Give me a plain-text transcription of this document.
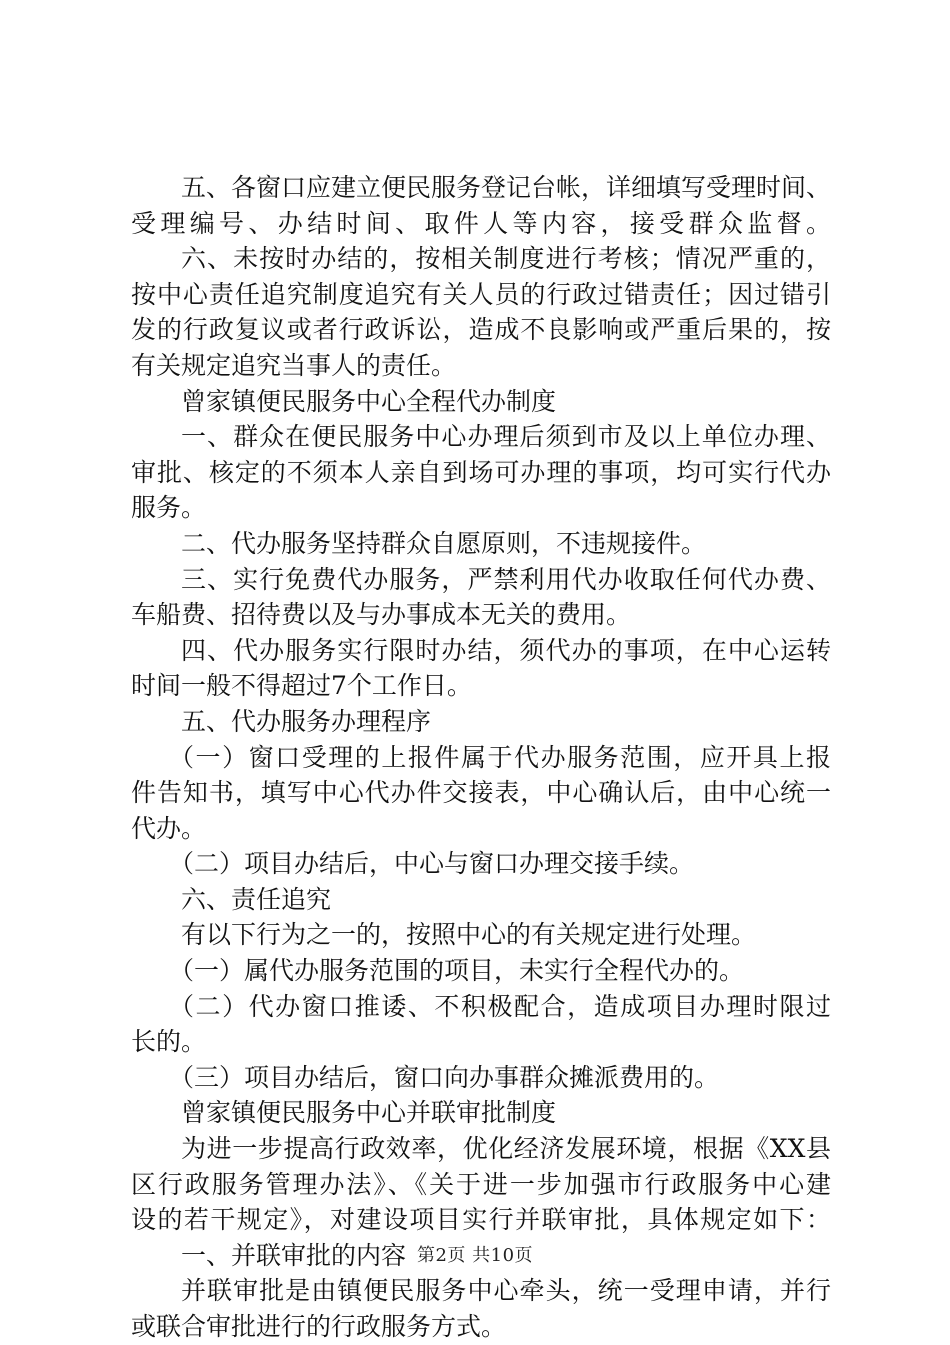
五、各窗口应建立便民服务登记台帐，详细填写受理时间、
受理编号、办结时间、取件人等内容，接受群众监督。
六、未按时办结的，按相关制度进行考核；情况严重的，
按中心责任追究制度追究有关人员的行政过错责任；因过错引
发的行政复议或者行政诉讼，造成不良影响或严重后果的，按
有关规定追究当事人的责任。
曾家镇便民服务中心全程代办制度
一、群众在便民服务中心办理后须到市及以上单位办理、
审批、核定的不须本人亲自到场可办理的事项，均可实行代办
服务。
二、代办服务坚持群众自愿原则，不违规接件。
三、实行免费代办服务，严禁利用代办收取任何代办费、
车船费、招待费以及与办事成本无关的费用。
四、代办服务实行限时办结，须代办的事项，在中心运转
时间一般不得超过7个工作日。
五、代办服务办理程序
（一）窗口受理的上报件属于代办服务范围，应开具上报
件告知书，填写中心代办件交接表，中心确认后，由中心统一
代办。
（二）项目办结后，中心与窗口办理交接手续。
六、责任追究
有以下行为之一的，按照中心的有关规定进行处理。
（一）属代办服务范围的项目，未实行全程代办的。
（二）代办窗口推诿、不积极配合，造成项目办理时限过
长的。
（三）项目办结后，窗口向办事群众摊派费用的。
曾家镇便民服务中心并联审批制度
为进一步提高行政效率，优化经济发展环境，根据《XX县
区行政服务管理办法》、《关于进一步加强市行政服务中心建
设的若干规定》，对建设项目实行并联审批，具体规定如下：
一、并联审批的内容
并联审批是由镇便民服务中心牵头，统一受理申请，并行
或联合审批进行的行政服务方式。
第2页 共10页
